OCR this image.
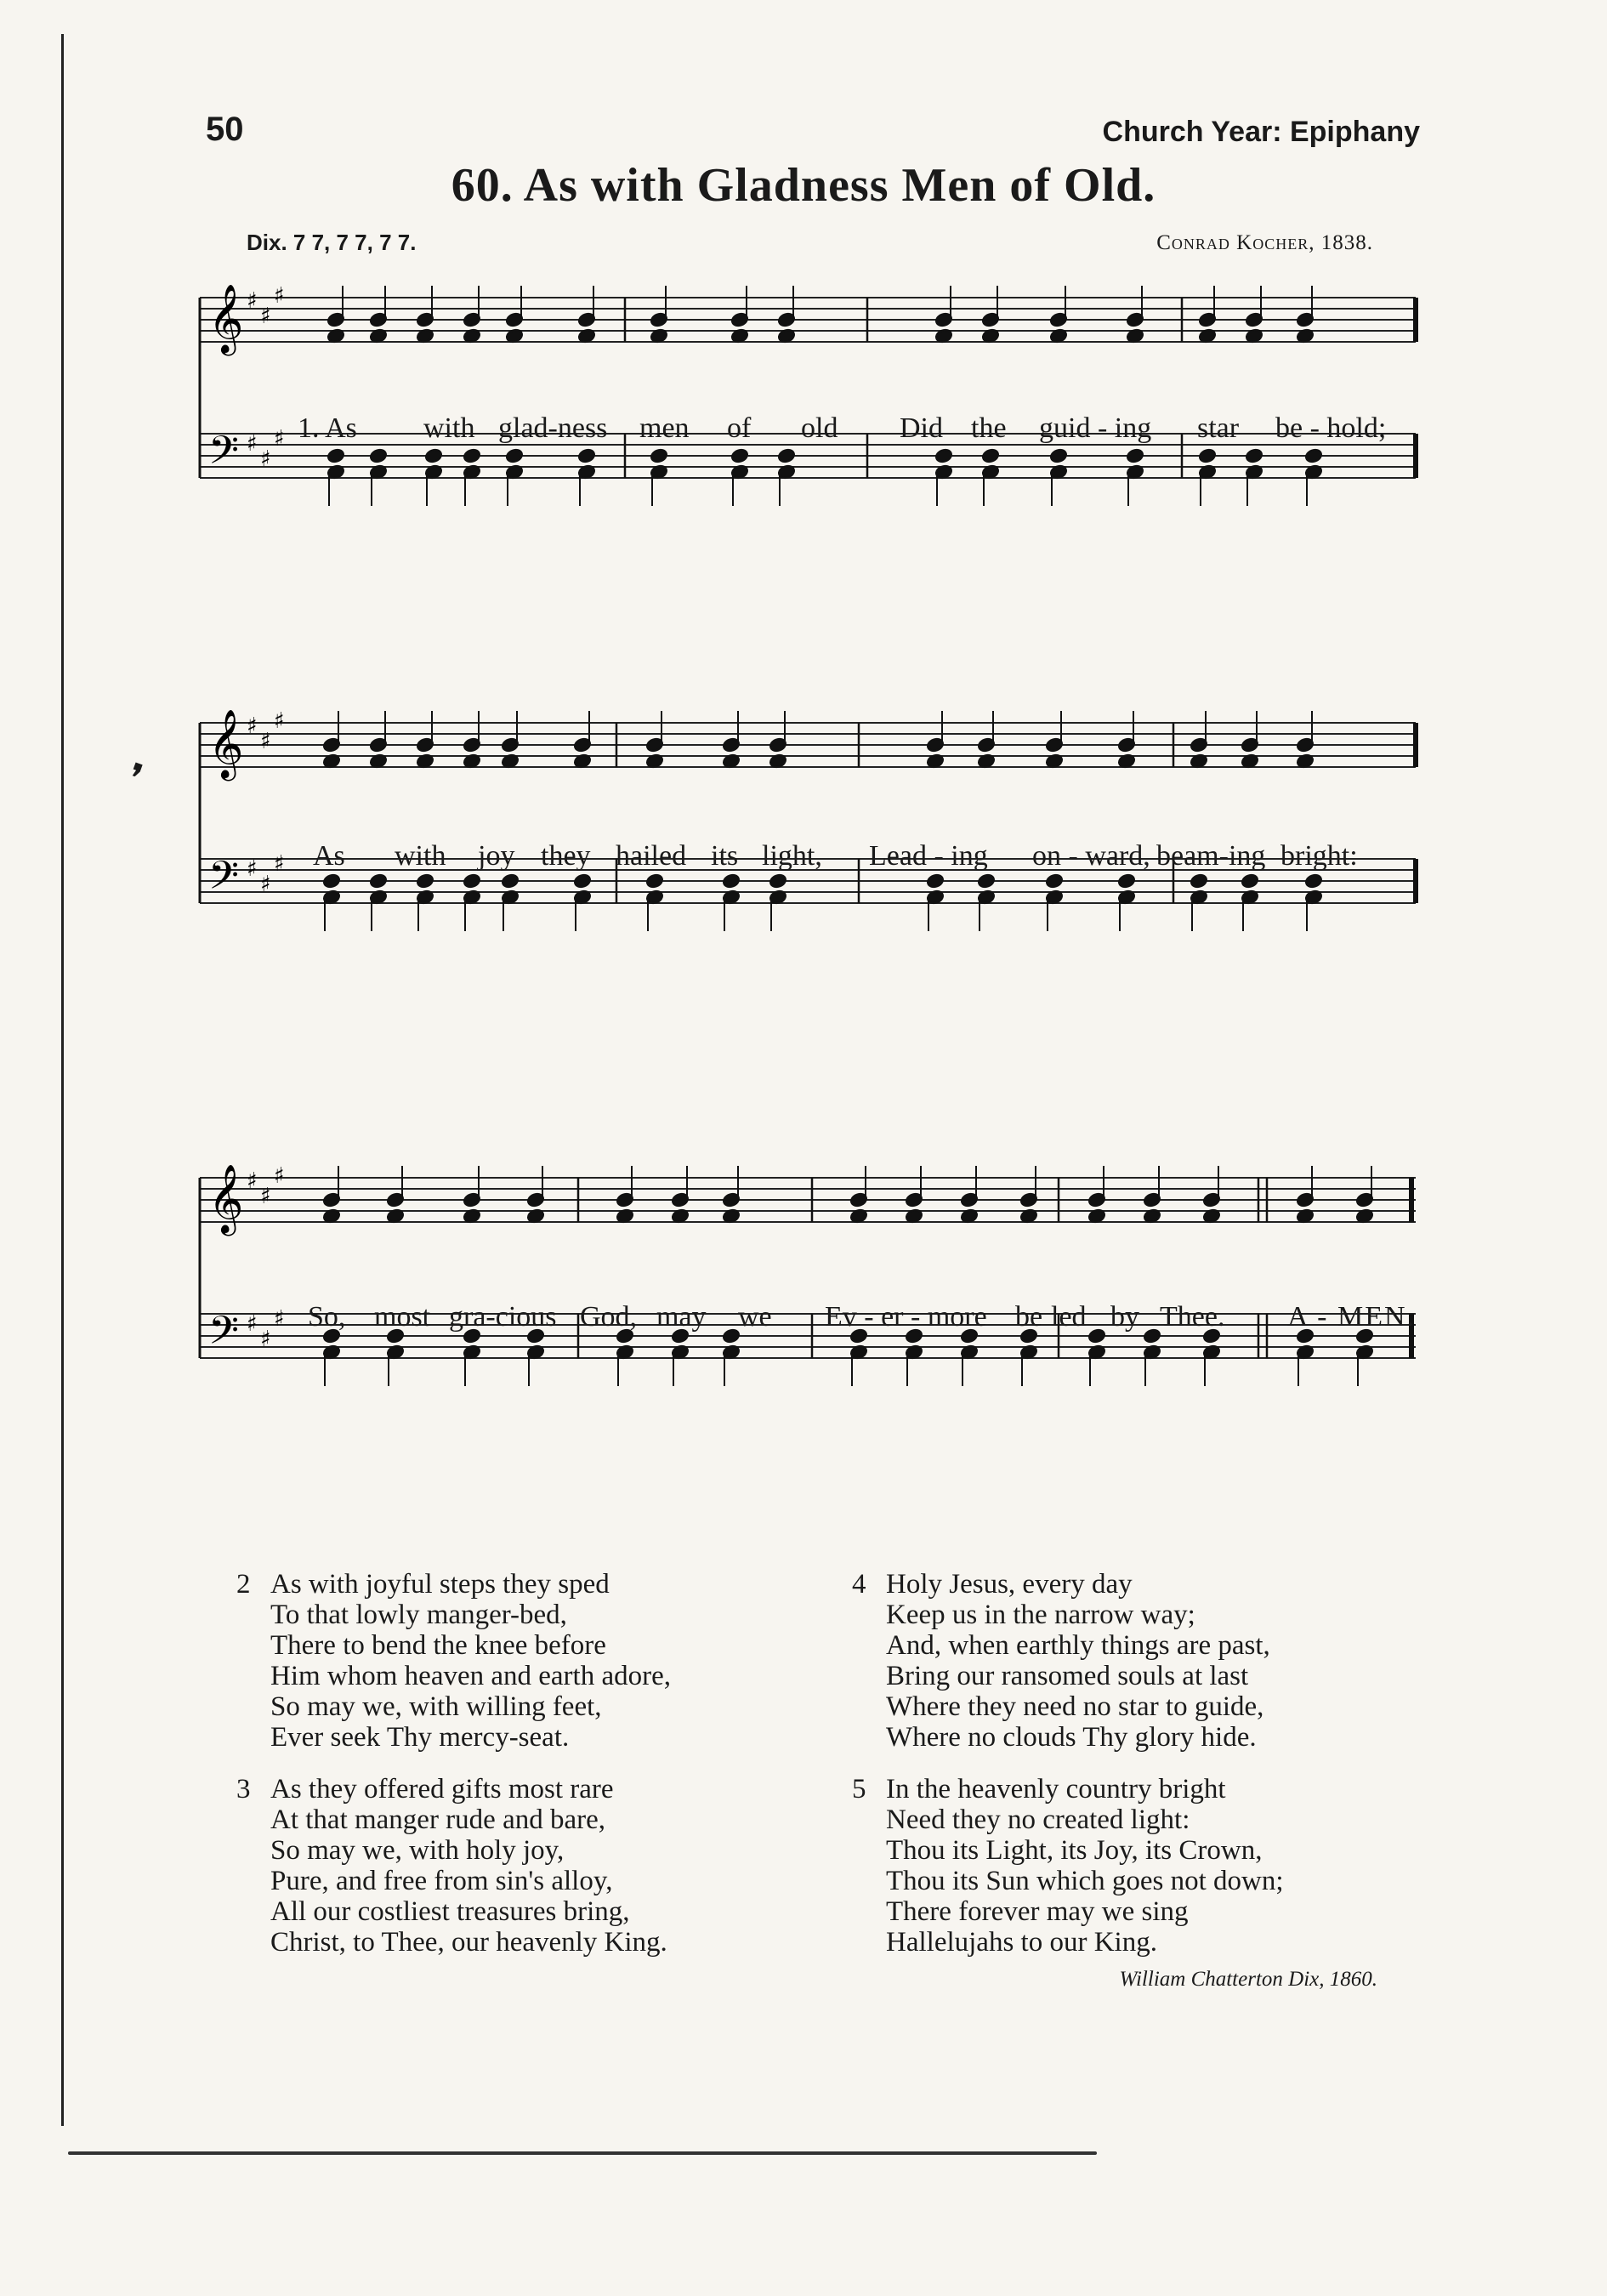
❜
50	Church Year: Epiphany
60. As with Gladness Men of Old.
Dix. 7 7, 7 7, 7 7.	Conrad Kocher, 1838.
𝄞
𝄢
♯
♯
♯
♯
♯
♯
𝄞
𝄢
♯
♯
♯
♯
♯
♯
𝄞
𝄢
♯
♯
♯
♯
♯
♯
1. As with glad-ness men of old Did the guid - ing star be - hold;
As with joy they hailed its light, Lead - ing on - ward, beam-ing bright:
So, most gra-cious God, may we Ev - er - more be led by Thee. A - MEN.
2 As with joyful steps they sped
To that lowly manger-bed,
There to bend the knee before
Him whom heaven and earth adore,
So may we, with willing feet,
Ever seek Thy mercy-seat.
3 As they offered gifts most rare
At that manger rude and bare,
So may we, with holy joy,
Pure, and free from sin's alloy,
All our costliest treasures bring,
Christ, to Thee, our heavenly King.
4 Holy Jesus, every day
Keep us in the narrow way;
And, when earthly things are past,
Bring our ransomed souls at last
Where they need no star to guide,
Where no clouds Thy glory hide.
5 In the heavenly country bright
Need they no created light:
Thou its Light, its Joy, its Crown,
Thou its Sun which goes not down;
There forever may we sing
Hallelujahs to our King.
William Chatterton Dix, 1860.
